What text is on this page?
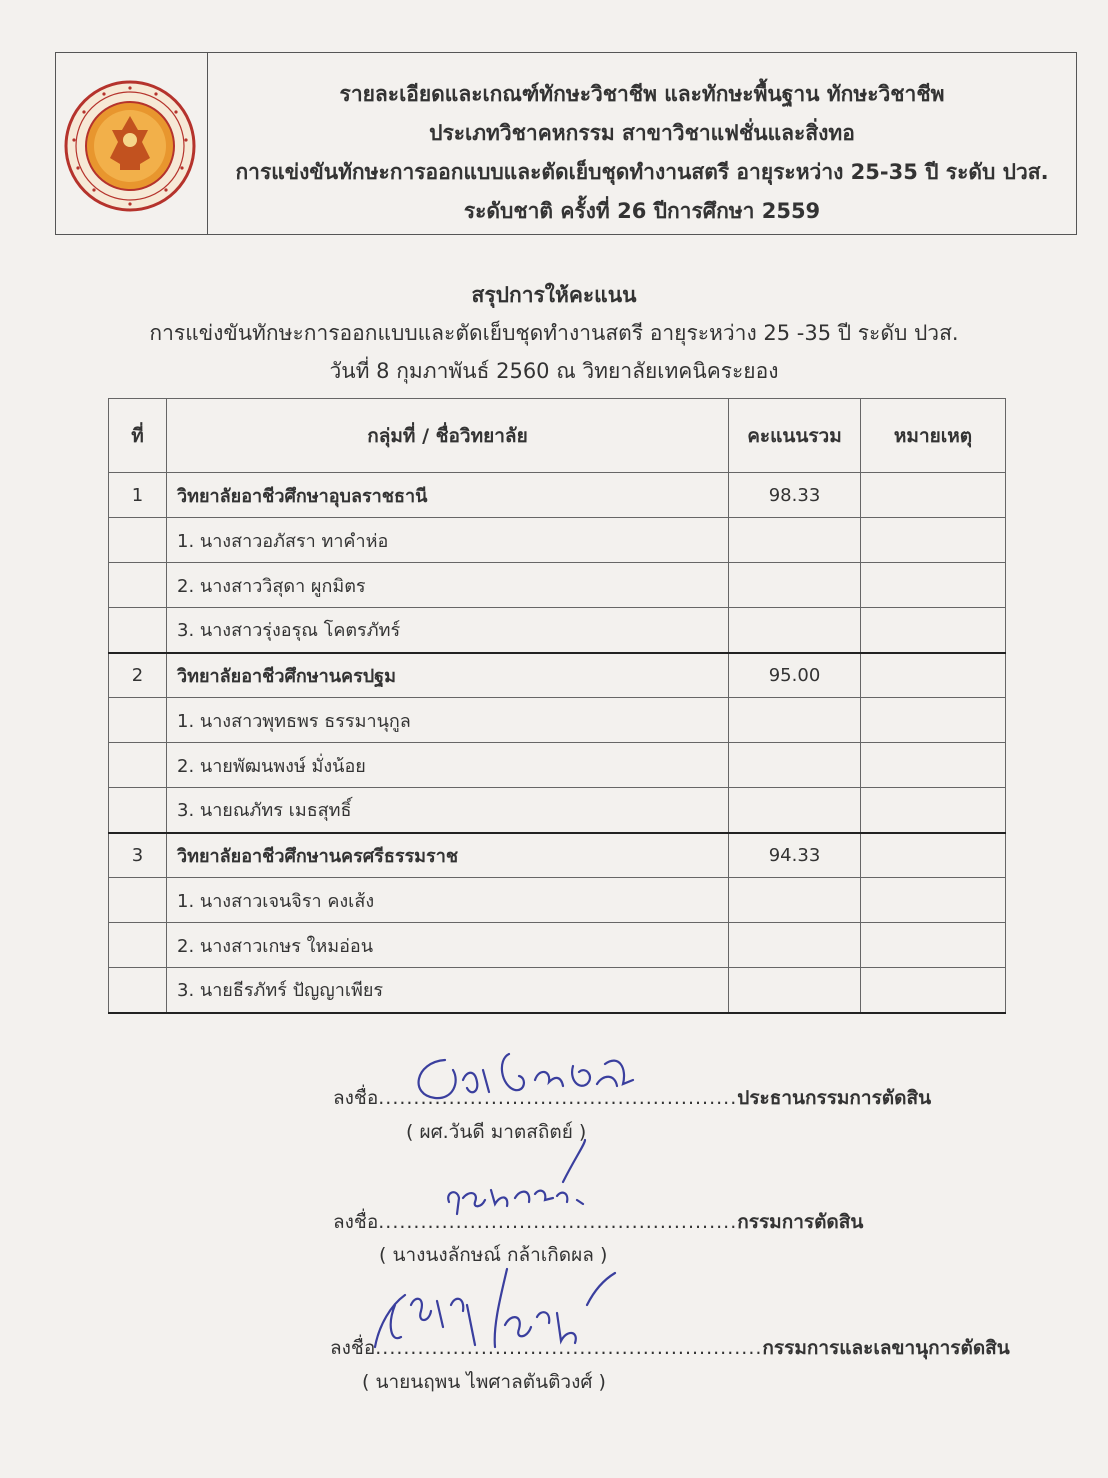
รายละเอียดและเกณฑ์ทักษะวิชาชีพ และทักษะพื้นฐาน ทักษะวิชาชีพ
ประเภทวิชาคหกรรม สาขาวิชาแฟชั่นและสิ่งทอ
การแข่งขันทักษะการออกแบบและตัดเย็บชุดทำงานสตรี อายุระหว่าง 25-35 ปี ระดับ ปวส.
ระดับชาติ ครั้งที่ 26 ปีการศึกษา 2559
สรุปการให้คะแนน
การแข่งขันทักษะการออกแบบและตัดเย็บชุดทำงานสตรี อายุระหว่าง 25 -35 ปี ระดับ ปวส.
วันที่ 8 กุมภาพันธ์ 2560 ณ วิทยาลัยเทคนิคระยอง
ที่	กลุ่มที่ / ชื่อวิทยาลัย	คะแนนรวม	หมายเหตุ
1	วิทยาลัยอาชีวศึกษาอุบลราชธานี	98.33	
	1. นางสาวอภัสรา ทาคำห่อ		
	2. นางสาววิสุดา ผูกมิตร		
	3. นางสาวรุ่งอรุณ โคตรภัทร์		
2	วิทยาลัยอาชีวศึกษานครปฐม	95.00	
	1. นางสาวพุทธพร ธรรมานุกูล		
	2. นายพัฒนพงษ์ มั่งน้อย		
	3. นายณภัทร เมธสุทธิ์		
3	วิทยาลัยอาชีวศึกษานครศรีธรรมราช	94.33	
	1. นางสาวเจนจิรา คงเส้ง		
	2. นางสาวเกษร ใหมอ่อน		
	3. นายธีรภัทร์ ปัญญาเพียร		
ลงชื่อ...................................................ประธานกรรมการตัดสิน
( ผศ.วันดี มาตสถิตย์ )
ลงชื่อ...................................................กรรมการตัดสิน
( นางนงลักษณ์ กล้าเกิดผล )
ลงชื่อ.......................................................กรรมการและเลขานุการตัดสิน
( นายนฤพน ไพศาลตันติวงศ์ )
